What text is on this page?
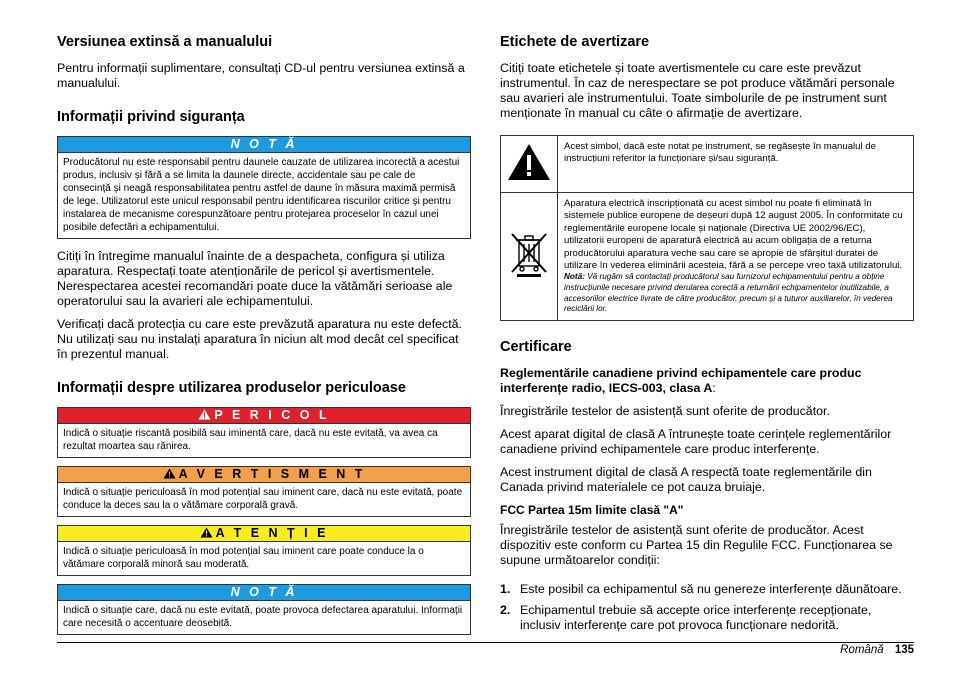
Versiunea extinsă a manualului

Pentru informații suplimentare, consultați CD-ul pentru versiunea extinsă a manualului.

Informații privind siguranța
N O T Ă
Producătorul nu este responsabil pentru daunele cauzate de utilizarea incorectă a acestui produs, inclusiv și fără a se limita la daunele directe, accidentale sau pe cale de consecință și neagă responsabilitatea pentru astfel de daune în măsura maximă permisă de lege. Utilizatorul este unicul responsabil pentru identificarea riscurilor critice și pentru instalarea de mecanisme corespunzătoare pentru protejarea proceselor în cazul unei posibile defectări a echipamentului.

Citiți în întregime manualul înainte de a despacheta, configura și utiliza aparatura. Respectați toate atenționările de pericol și avertismentele. Nerespectarea acestei recomandări poate duce la vătămări serioase ale operatorului sau la avarieri ale echipamentului.

Verificați dacă protecția cu care este prevăzută aparatura nu este defectă. Nu utilizați sau nu instalați aparatura în niciun alt mod decât cel specificat în prezentul manual.

Informații despre utilizarea produselor periculoase
P E R I C O L
Indică o situație riscantă posibilă sau iminentă care, dacă nu este evitată, va avea ca rezultat moartea sau rănirea.
A V E R T I S M E N T
Indică o situație periculoasă în mod potențial sau iminent care, dacă nu este evitată, poate conduce la deces sau la o vătămare corporală gravă.
A T E N Ț I E
Indică o situație periculoasă în mod potențial sau iminent care poate conduce la o vătămare corporală minoră sau moderată.
N O T Ă
Indică o situație care, dacă nu este evitată, poate provoca defectarea aparatului. Informații care necesită o accentuare deosebită.
Etichete de avertizare

Citiți toate etichetele și toate avertismentele cu care este prevăzut instrumentul. În caz de nerespectare se pot produce vătămări personale sau avarieri ale instrumentului. Toate simbolurile de pe instrument sunt menționate în manual cu câte o afirmație de avertizare.

	Acest simbol, dacă este notat pe instrument, se regăsește în manualul de instrucțiuni referitor la funcționare și/sau siguranță.

Aparatura electrică inscripționată cu acest simbol nu poate fi eliminată în sistemele publice europene de deșeuri după 12 august 2005. În conformitate cu reglementările europene locale și naționale (Directiva UE 2002/96/EC), utilizatorii europeni de aparatură electrică au acum obligația de a returna producătorului aparatura veche sau care se apropie de sfârșitul duratei de utilizare în vederea eliminării acesteia, fără a se percepe vreo taxă utilizatorului.
Notă: Vă rugăm să contactați producătorul sau furnizorul echipamentului pentru a obține instrucțiunile necesare privind derularea corectă a returnării echipamentelor inutilizabile, a accesoriilor electrice livrate de către producător, precum și a tuturor auxiliarelor, în vederea reciclării lor.
Certificare

Reglementările canadiene privind echipamentele care produc interferențe radio, IECS-003, clasa A:

Înregistrările testelor de asistență sunt oferite de producător.

Acest aparat digital de clasă A întrunește toate cerințele reglementărilor canadiene privind echipamentele care produc interferențe.

Acest instrument digital de clasă A respectă toate reglementările din Canada privind materialele ce pot cauza bruiaje.

FCC Partea 15m limite clasă "A"

Înregistrările testelor de asistență sunt oferite de producător. Acest dispozitiv este conform cu Partea 15 din Regulile FCC. Funcționarea se supune următoarelor condiții:

1. Este posibil ca echipamentul să nu genereze interferențe dăunătoare.
2. Echipamentul trebuie să accepte orice interferențe recepționate, inclusiv interferențe care pot provoca funcționare nedorită.
Română 135
